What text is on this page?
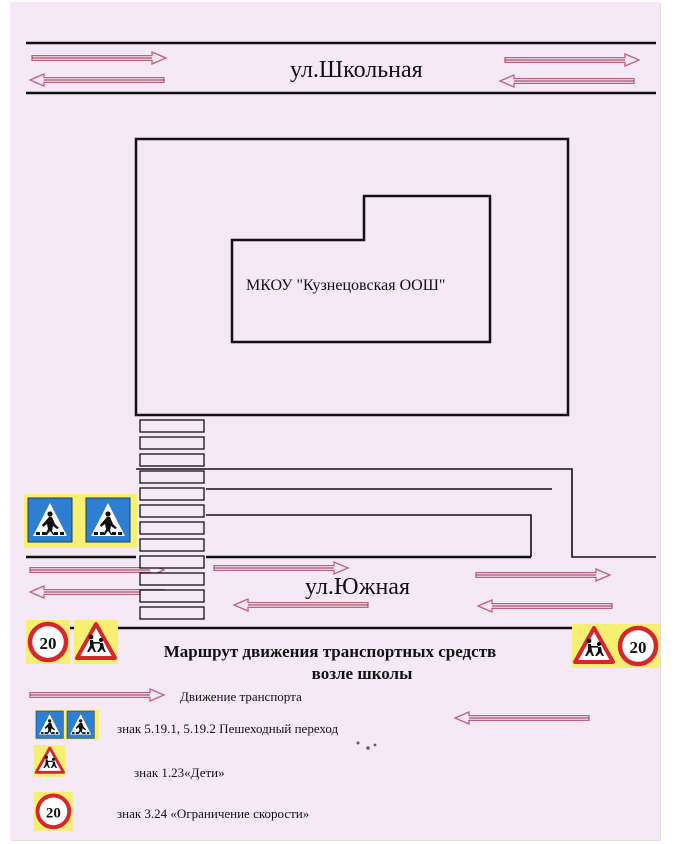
ул.Школьная
МКОУ "Кузнецовская ООШ"
ул.Южная
20	20
Маршрут движения транспортных средств
возле школы
Движение транспорта
знак 5.19.1, 5.19.2 Пешеходный переход
знак 1.23«Дети»
20	знак 3.24 «Ограничение скорости»
